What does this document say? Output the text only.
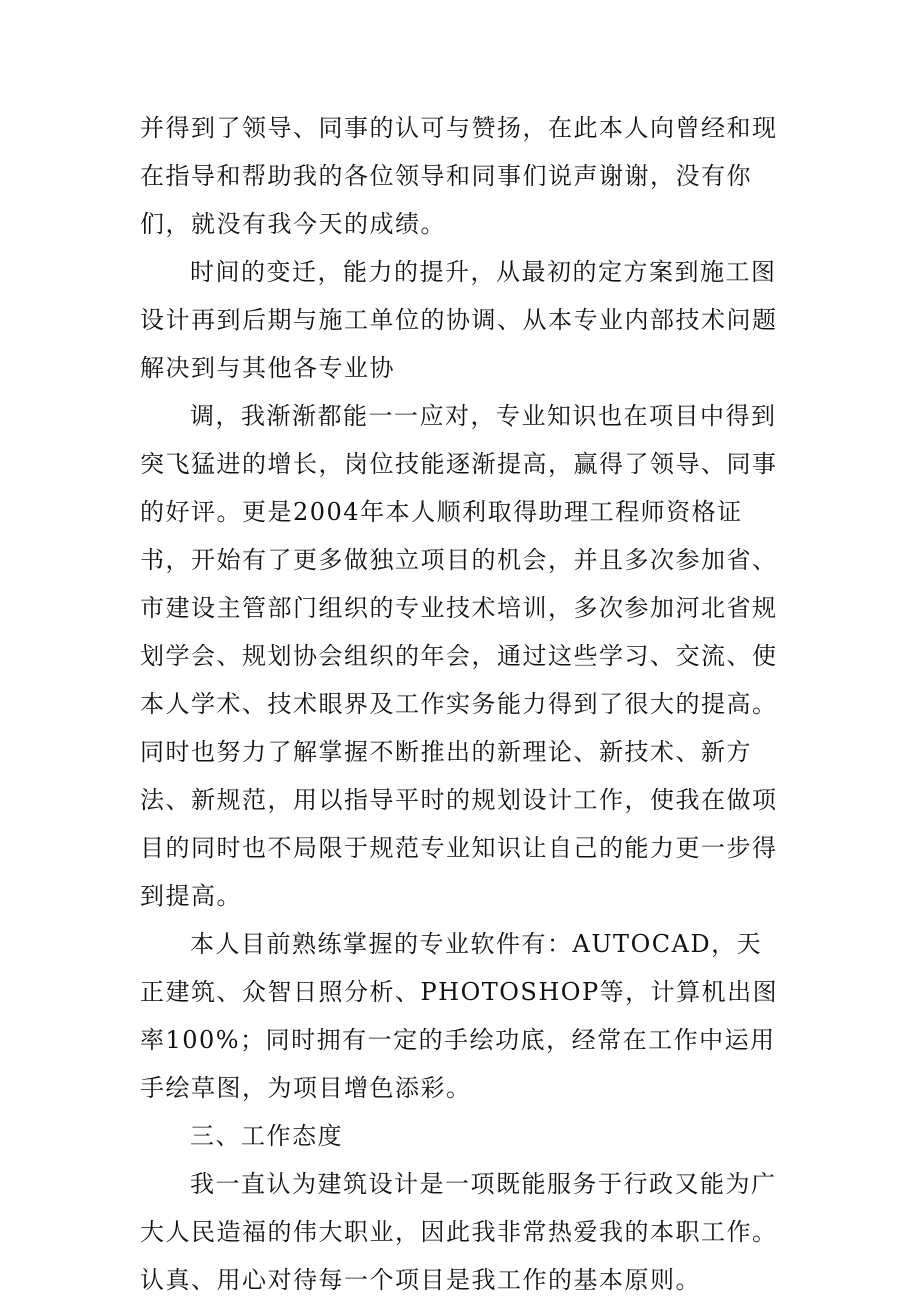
并得到了领导、同事的认可与赞扬，在此本人向曾经和现在指导和帮助我的各位领导和同事们说声谢谢，没有你们，就没有我今天的成绩。

时间的变迁，能力的提升，从最初的定方案到施工图设计再到后期与施工单位的协调、从本专业内部技术问题解决到与其他各专业协

调，我渐渐都能一一应对，专业知识也在项目中得到突飞猛进的增长，岗位技能逐渐提高，赢得了领导、同事的好评。更是2004年本人顺利取得助理工程师资格证书，开始有了更多做独立项目的机会，并且多次参加省、市建设主管部门组织的专业技术培训，多次参加河北省规划学会、规划协会组织的年会，通过这些学习、交流、使本人学术、技术眼界及工作实务能力得到了很大的提高。同时也努力了解掌握不断推出的新理论、新技术、新方法、新规范，用以指导平时的规划设计工作，使我在做项目的同时也不局限于规范专业知识让自己的能力更一步得到提高。

本人目前熟练掌握的专业软件有：AUTOCAD，天正建筑、众智日照分析、PHOTOSHOP等，计算机出图率100%；同时拥有一定的手绘功底，经常在工作中运用手绘草图，为项目增色添彩。

三、工作态度

我一直认为建筑设计是一项既能服务于行政又能为广大人民造福的伟大职业，因此我非常热爱我的本职工作。认真、用心对待每一个项目是我工作的基本原则。
